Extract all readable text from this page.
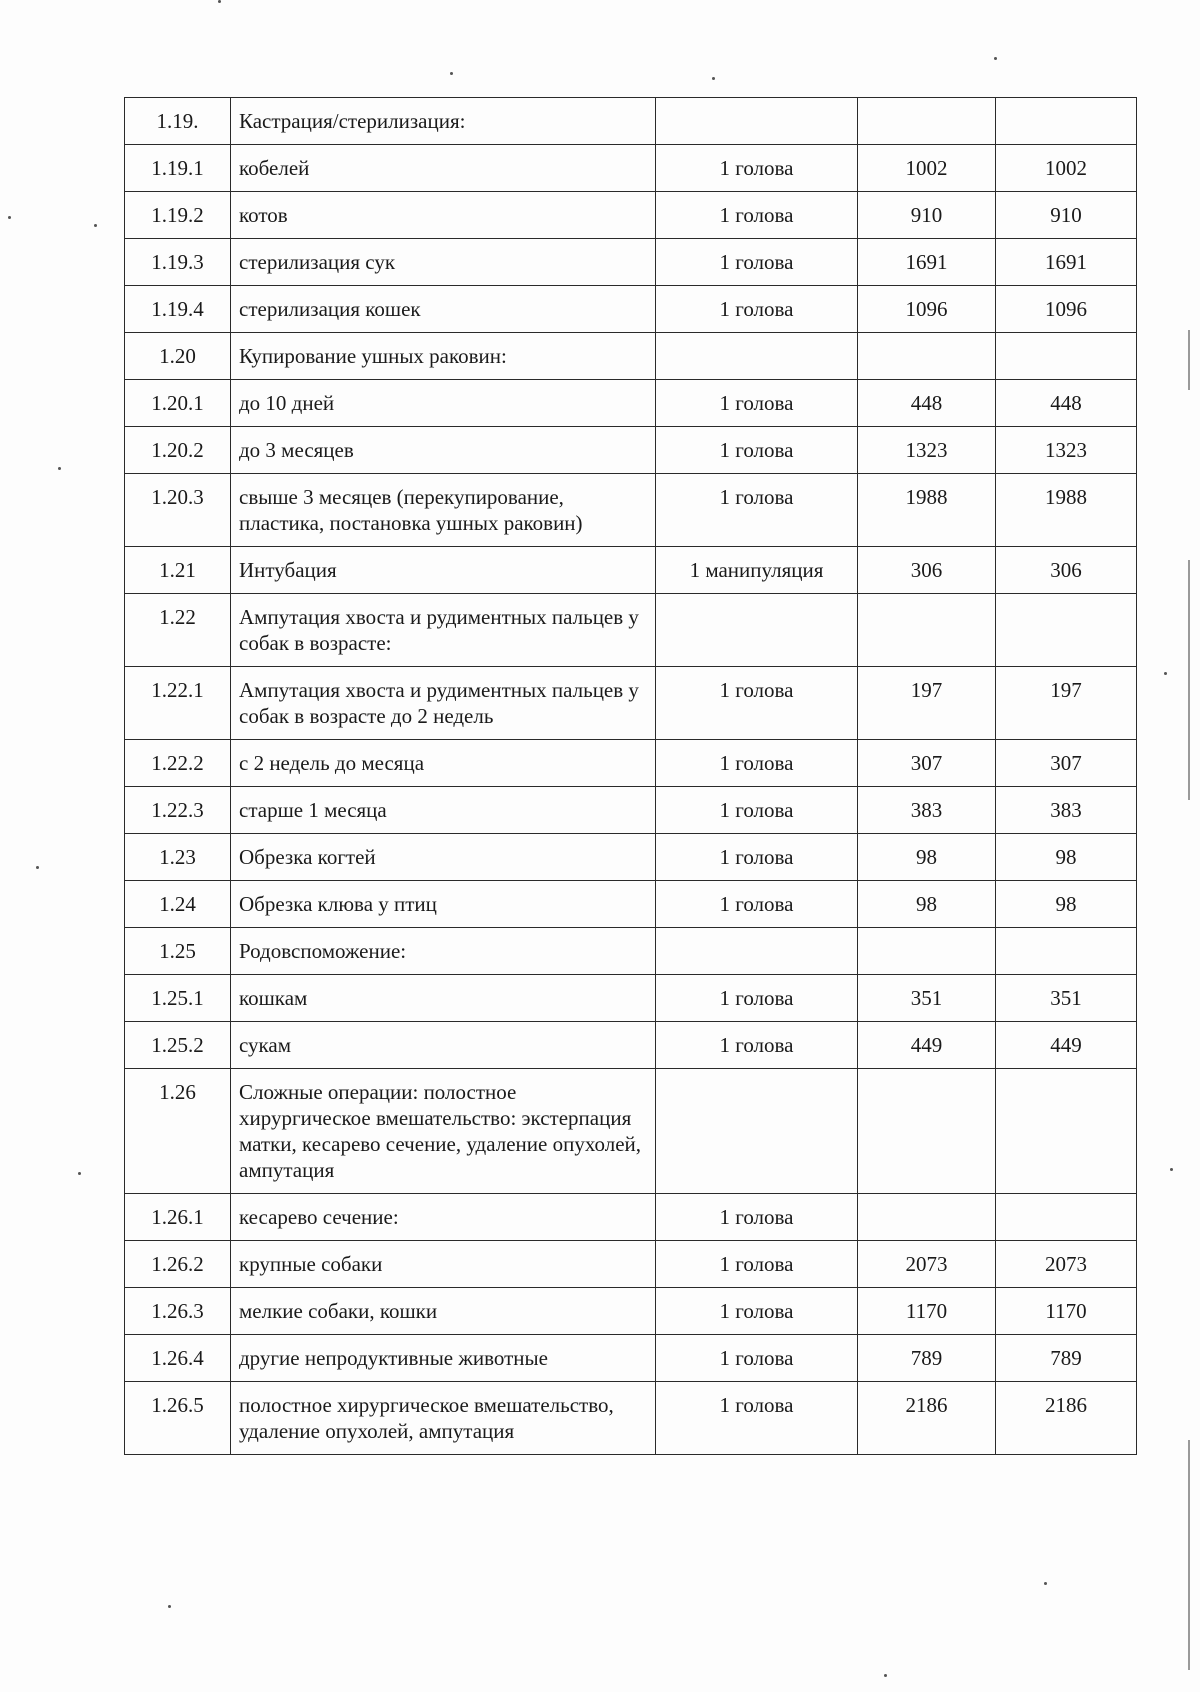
1.19.	Кастрация/стерилизация:			
1.19.1	кобелей	1 голова	1002	1002
1.19.2	котов	1 голова	910	910
1.19.3	стерилизация сук	1 голова	1691	1691
1.19.4	стерилизация кошек	1 голова	1096	1096
1.20	Купирование ушных раковин:			
1.20.1	до 10 дней	1 голова	448	448
1.20.2	до 3 месяцев	1 голова	1323	1323
1.20.3	свыше 3 месяцев (перекупирование, пластика, постановка ушных раковин)	1 голова	1988	1988
1.21	Интубация	1 манипуляция	306	306
1.22	Ампутация хвоста и рудиментных пальцев у собак в возрасте:			
1.22.1	Ампутация хвоста и рудиментных пальцев у собак в возрасте до 2 недель	1 голова	197	197
1.22.2	с 2 недель до месяца	1 голова	307	307
1.22.3	старше 1 месяца	1 голова	383	383
1.23	Обрезка когтей	1 голова	98	98
1.24	Обрезка клюва у птиц	1 голова	98	98
1.25	Родовспоможение:			
1.25.1	кошкам	1 голова	351	351
1.25.2	сукам	1 голова	449	449
1.26	Сложные операции: полостное хирургическое вмешательство: экстерпация матки, кесарево сечение, удаление опухолей, ампутация			
1.26.1	кесарево сечение:	1 голова		
1.26.2	крупные собаки	1 голова	2073	2073
1.26.3	мелкие собаки, кошки	1 голова	1170	1170
1.26.4	другие непродуктивные животные	1 голова	789	789
1.26.5	полостное хирургическое вмешательство, удаление опухолей, ампутация	1 голова	2186	2186
